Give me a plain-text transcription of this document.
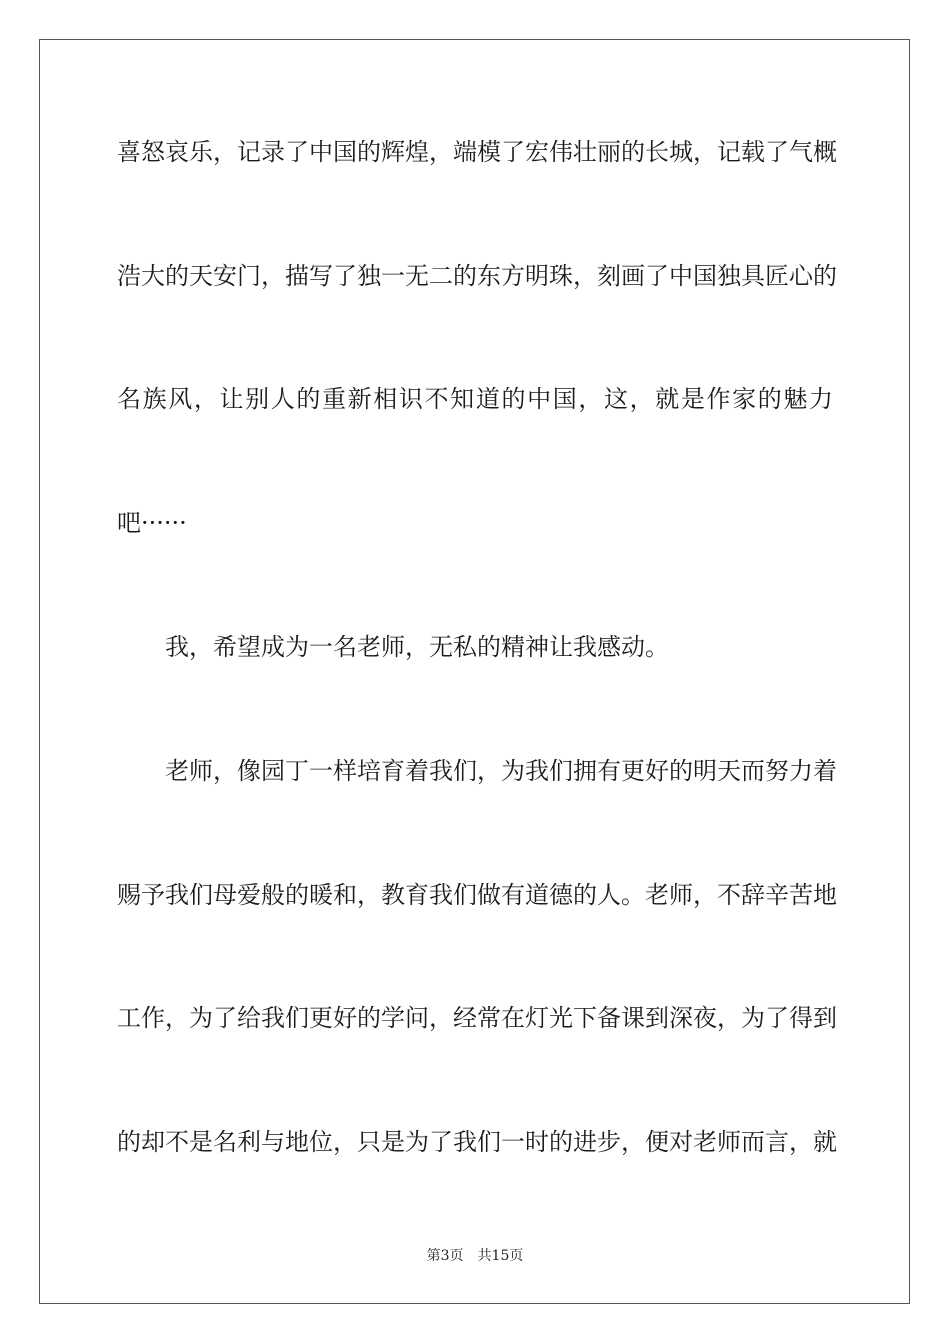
喜怒哀乐，记录了中国的辉煌，端模了宏伟壮丽的长城，记载了气概
浩大的天安门，描写了独一无二的东方明珠，刻画了中国独具匠心的
名族风，让别人的重新相识不知道的中国，这，就是作家的魅力
吧······
我，希望成为一名老师，无私的精神让我感动。
老师，像园丁一样培育着我们，为我们拥有更好的明天而努力着
赐予我们母爱般的暖和，教育我们做有道德的人。老师，不辞辛苦地
工作，为了给我们更好的学问，经常在灯光下备课到深夜，为了得到
的却不是名利与地位，只是为了我们一时的进步，便对老师而言，就
第3页 共15页
